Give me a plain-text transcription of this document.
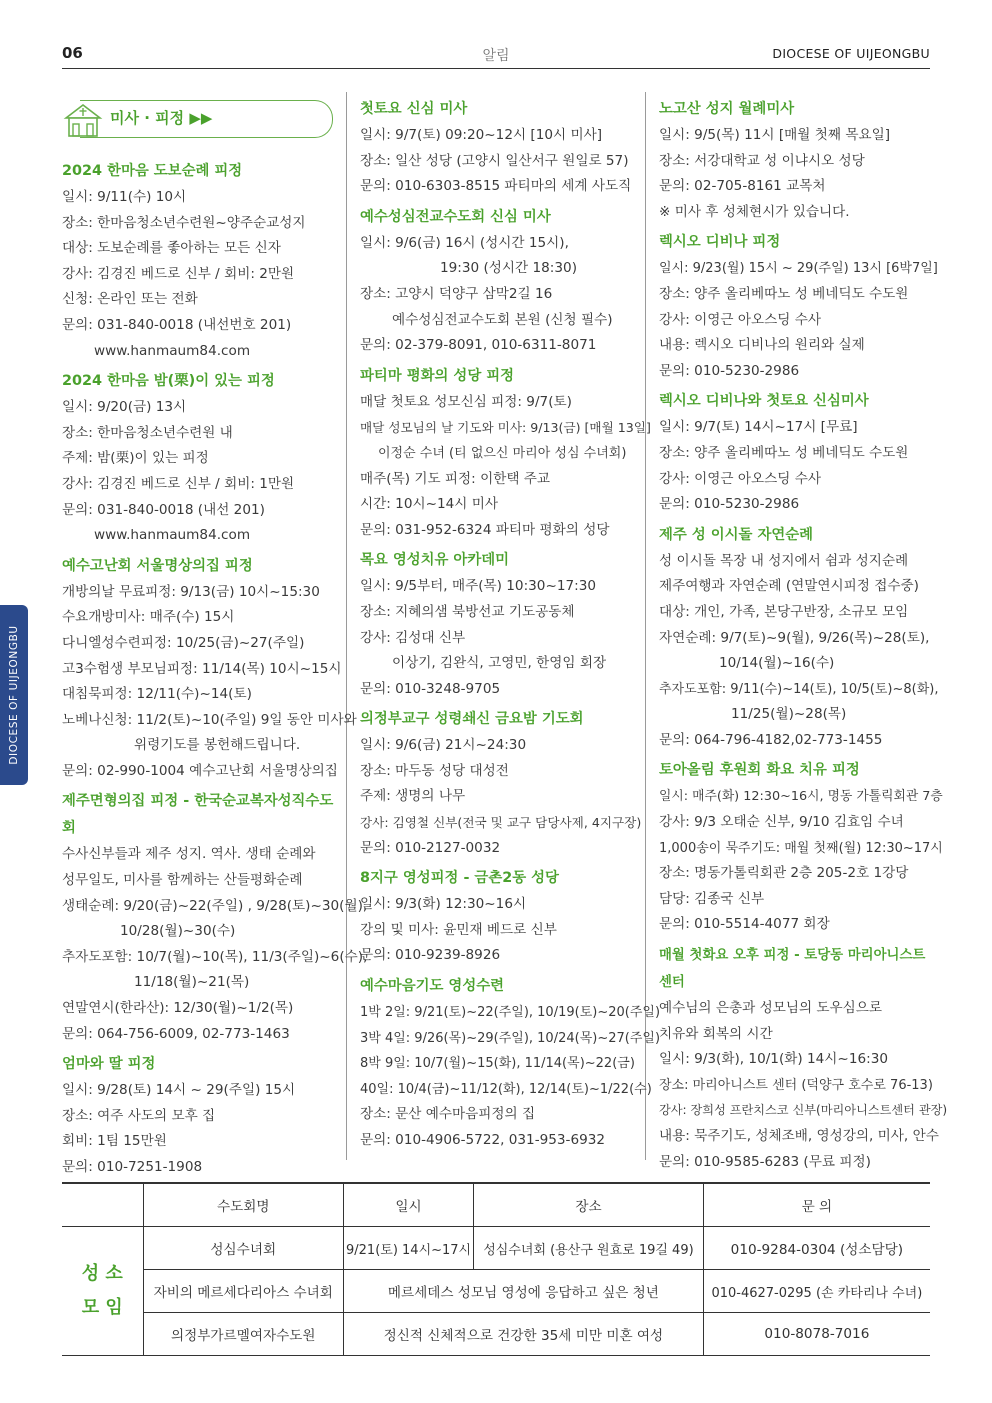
06	알림	DIOCESE OF UIJEONGBU
DIOCESE OF UIJEONGBU
미사 · 피정 ▶▶
2024 한마음 도보순례 피정
일시: 9/11(수) 10시
장소: 한마음청소년수련원~양주순교성지
대상: 도보순례를 좋아하는 모든 신자
강사: 김경진 베드로 신부 / 회비: 2만원
신청: 온라인 또는 전화
문의: 031-840-0018 (내선번호 201)
www.hanmaum84.com
2024 한마음 밤(栗)이 있는 피정
일시: 9/20(금) 13시
장소: 한마음청소년수련원 내
주제: 밤(栗)이 있는 피정
강사: 김경진 베드로 신부 / 회비: 1만원
문의: 031-840-0018 (내선 201)
www.hanmaum84.com
예수고난회 서울명상의집 피정
개방의날 무료피정: 9/13(금) 10시~15:30
수요개방미사: 매주(수) 15시
다니엘성수련피정: 10/25(금)~27(주일)
고3수험생 부모님피정: 11/14(목) 10시~15시
대침묵피정: 12/11(수)~14(토)
노베나신청: 11/2(토)~10(주일) 9일 동안 미사와
위령기도를 봉헌해드립니다.
문의: 02-990-1004 예수고난회 서울명상의집
제주면형의집 피정 - 한국순교복자성직수도회
수사신부들과 제주 성지. 역사. 생태 순례와
성무일도, 미사를 함께하는 산들평화순례
생태순례: 9/20(금)~22(주일) , 9/28(토)~30(월),
10/28(월)~30(수)
추자도포함: 10/7(월)~10(목), 11/3(주일)~6(수),
11/18(월)~21(목)
연말연시(한라산): 12/30(월)~1/2(목)
문의: 064-756-6009, 02-773-1463
엄마와 딸 피정
일시: 9/28(토) 14시 ~ 29(주일) 15시
장소: 여주 사도의 모후 집
회비: 1팀 15만원
문의: 010-7251-1908
첫토요 신심 미사
일시: 9/7(토) 09:20~12시 [10시 미사]
장소: 일산 성당 (고양시 일산서구 원일로 57)
문의: 010-6303-8515 파티마의 세계 사도직
예수성심전교수도회 신심 미사
일시: 9/6(금) 16시 (성시간 15시),
19:30 (성시간 18:30)
장소: 고양시 덕양구 삼막2길 16
예수성심전교수도회 본원 (신청 필수)
문의: 02-379-8091, 010-6311-8071
파티마 평화의 성당 피정
매달 첫토요 성모신심 피정: 9/7(토)
매달 성모님의 날 기도와 미사: 9/13(금) [매월 13일]
이정순 수녀 (티 없으신 마리아 성심 수녀회)
매주(목) 기도 피정: 이한택 주교
시간: 10시~14시 미사
문의: 031-952-6324 파티마 평화의 성당
목요 영성치유 아카데미
일시: 9/5부터, 매주(목) 10:30~17:30
장소: 지혜의샘 북방선교 기도공동체
강사: 김성대 신부
이상기, 김완식, 고영민, 한영임 회장
문의: 010-3248-9705
의정부교구 성령쇄신 금요밤 기도회
일시: 9/6(금) 21시~24:30
장소: 마두동 성당 대성전
주제: 생명의 나무
강사: 김영철 신부(전국 및 교구 담당사제, 4지구장)
문의: 010-2127-0032
8지구 영성피정 - 금촌2동 성당
일시: 9/3(화) 12:30~16시
강의 및 미사: 윤민재 베드로 신부
문의: 010-9239-8926
예수마음기도 영성수련
1박 2일: 9/21(토)~22(주일), 10/19(토)~20(주일)
3박 4일: 9/26(목)~29(주일), 10/24(목)~27(주일)
8박 9일: 10/7(월)~15(화), 11/14(목)~22(금)
40일: 10/4(금)~11/12(화), 12/14(토)~1/22(수)
장소: 문산 예수마음피정의 집
문의: 010-4906-5722, 031-953-6932
노고산 성지 월례미사
일시: 9/5(목) 11시 [매월 첫째 목요일]
장소: 서강대학교 성 이냐시오 성당
문의: 02-705-8161 교목처
※ 미사 후 성체현시가 있습니다.
렉시오 디비나 피정
일시: 9/23(월) 15시 ~ 29(주일) 13시 [6박7일]
장소: 양주 올리베따노 성 베네딕도 수도원
강사: 이영근 아오스딩 수사
내용: 렉시오 디비나의 원리와 실제
문의: 010-5230-2986
렉시오 디비나와 첫토요 신심미사
일시: 9/7(토) 14시~17시 [무료]
장소: 양주 올리베따노 성 베네딕도 수도원
강사: 이영근 아오스딩 수사
문의: 010-5230-2986
제주 성 이시돌 자연순례
성 이시돌 목장 내 성지에서 쉼과 성지순례
제주여행과 자연순례 (연말연시피정 접수중)
대상: 개인, 가족, 본당구반장, 소규모 모임
자연순례: 9/7(토)~9(월), 9/26(목)~28(토),
10/14(월)~16(수)
추자도포함: 9/11(수)~14(토), 10/5(토)~8(화),
11/25(월)~28(목)
문의: 064-796-4182,02-773-1455
토아올림 후원회 화요 치유 피정
일시: 매주(화) 12:30~16시, 명동 가톨릭회관 7층
강사: 9/3 오태순 신부, 9/10 김효임 수녀
1,000송이 묵주기도: 매월 첫째(월) 12:30~17시
장소: 명동가톨릭회관 2층 205-2호 1강당
담당: 김종국 신부
문의: 010-5514-4077 회장
매월 첫화요 오후 피정 - 토당동 마리아니스트센터
예수님의 은총과 성모님의 도우심으로
치유와 회복의 시간
일시: 9/3(화), 10/1(화) 14시~16:30
장소: 마리아니스트 센터 (덕양구 호수로 76-13)
강사: 장희성 프란치스코 신부(마리아니스트센터 관장)
내용: 묵주기도, 성체조배, 영성강의, 미사, 안수
문의: 010-9585-6283 (무료 피정)
	수도회명	일시	장소	문 의

성 소
모 임	성심수녀회	9/21(토) 14시~17시	성심수녀회 (용산구 원효로 19길 49)	010-9284-0304 (성소담당)
	자비의 메르세다리아스 수녀회	메르세데스 성모님 영성에 응답하고 싶은 청년		010-4627-0295 (손 카타리나 수녀)
	의정부가르멜여자수도원	정신적 신체적으로 건강한 35세 미만 미혼 여성		010-8078-7016
